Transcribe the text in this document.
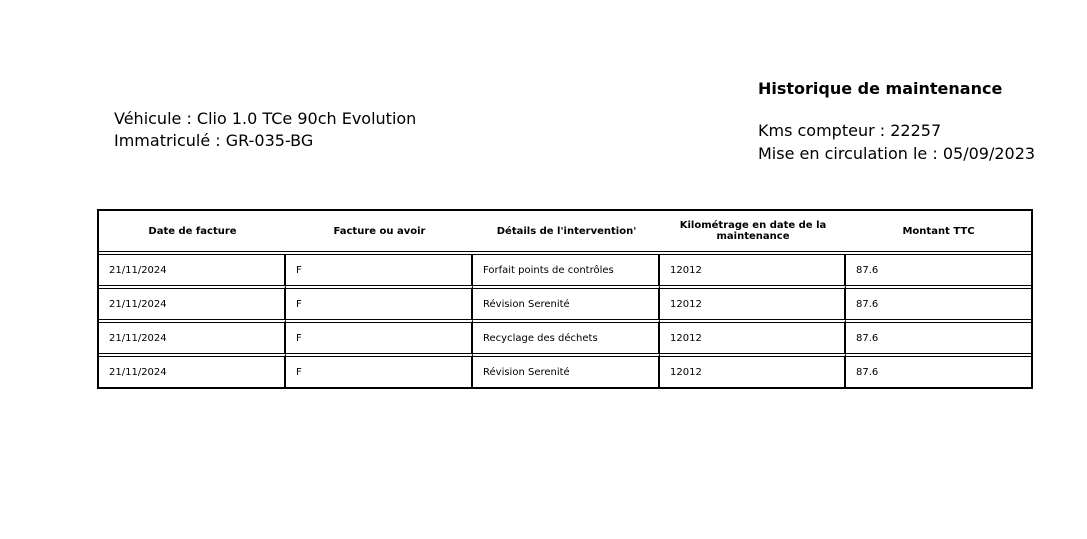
Véhicule : Clio 1.0 TCe 90ch Evolution
Immatriculé : GR-035-BG
Historique de maintenance
Kms compteur : 22257
Mise en circulation le : 05/09/2023
Date de facture	Facture ou avoir	Détails de l'intervention'	Kilométrage en date de la maintenance	Montant TTC
21/11/2024	F	Forfait points de contrôles	12012	87.6
21/11/2024	F	Révision Serenité	12012	87.6
21/11/2024	F	Recyclage des déchets	12012	87.6
21/11/2024	F	Révision Serenité	12012	87.6
